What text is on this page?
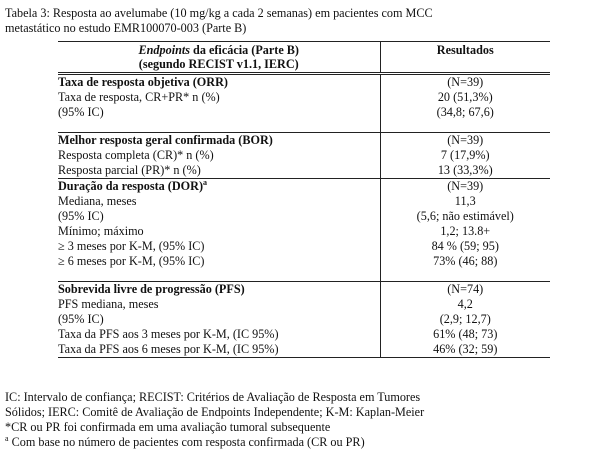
Tabela 3: Resposta ao avelumabe (10 mg/kg a cada 2 semanas) em pacientes com MCC
metastático no estudo EMR100070-003 (Parte B)
Endpoints da eficácia (Parte B)
(segundo RECIST v1.1, IERC)	Resultados
Taxa de resposta objetiva (ORR)	(N=39)
Taxa de resposta, CR+PR* n (%)	20 (51,3%)
(95% IC)	(34,8; 67,6)

Melhor resposta geral confirmada (BOR)	(N=39)
Resposta completa (CR)* n (%)	7 (17,9%)
Resposta parcial (PR)* n (%)	13 (33,3%)
Duração da resposta (DOR)$^a$	(N=39)
Mediana, meses	11,3
(95% IC)	(5,6; não estimável)
Mínimo; máximo	1,2; 13.8+
≥ 3 meses por K-M, (95% IC)	84 % (59; 95)
≥ 6 meses por K-M, (95% IC)	73% (46; 88)

Sobrevida livre de progressão (PFS)	(N=74)
PFS mediana, meses	4,2
(95% IC)	(2,9; 12,7)
Taxa da PFS aos 3 meses por K-M, (IC 95%)	61% (48; 73)
Taxa da PFS aos 6 meses por K-M, (IC 95%)	46% (32; 59)
IC: Intervalo de confiança; RECIST: Critérios de Avaliação de Resposta em Tumores
Sólidos; IERC: Comitê de Avaliação de Endpoints Independente; K-M: Kaplan-Meier
*CR ou PR foi confirmada em uma avaliação tumoral subsequente
$^a$ Com base no número de pacientes com resposta confirmada (CR ou PR)
